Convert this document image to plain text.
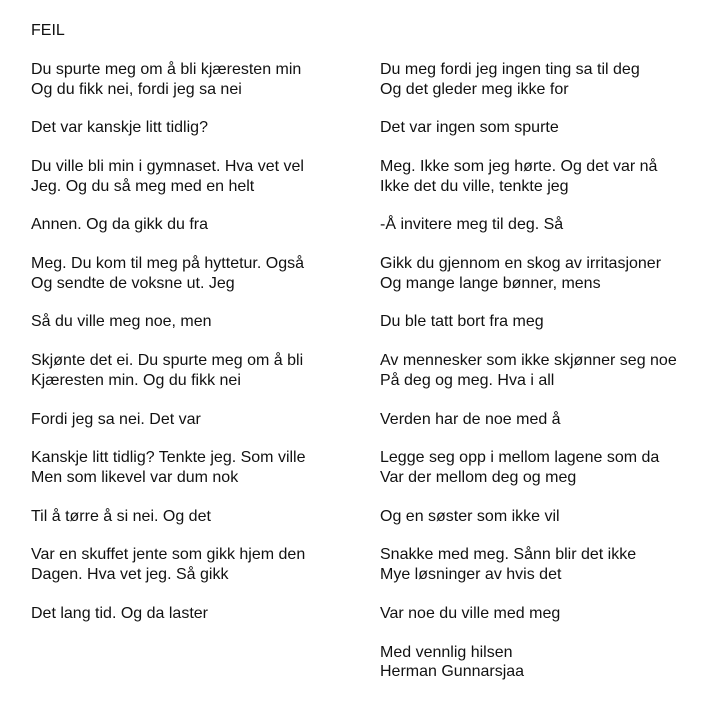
FEIL
Du spurte meg om å bli kjæresten min
Og du fikk nei, fordi jeg sa nei
Det var kanskje litt tidlig?
Du ville bli min i gymnaset. Hva vet vel
Jeg. Og du så meg med en helt
Annen. Og da gikk du fra
Meg. Du kom til meg på hyttetur. Også
Og sendte de voksne ut. Jeg
Så du ville meg noe, men
Skjønte det ei. Du spurte meg om å bli
Kjæresten min. Og du fikk nei
Fordi jeg sa nei. Det var
Kanskje litt tidlig? Tenkte jeg. Som ville
Men som likevel var dum nok
Til å tørre å si nei. Og det
Var en skuffet jente som gikk hjem den
Dagen. Hva vet jeg. Så gikk
Det lang tid. Og da laster
Du meg fordi jeg ingen ting sa til deg
Og det gleder meg ikke for
Det var ingen som spurte
Meg. Ikke som jeg hørte. Og det var nå
Ikke det du ville, tenkte jeg
-Å invitere meg til deg. Så
Gikk du gjennom en skog av irritasjoner
Og mange lange bønner, mens
Du ble tatt bort fra meg
Av mennesker som ikke skjønner seg noe
På deg og meg. Hva i all
Verden har de noe med å
Legge seg opp i mellom lagene som da
Var der mellom deg og meg
Og en søster som ikke vil
Snakke med meg. Sånn blir det ikke
Mye løsninger av hvis det
Var noe du ville med meg
Med vennlig hilsen
Herman Gunnarsjaa
